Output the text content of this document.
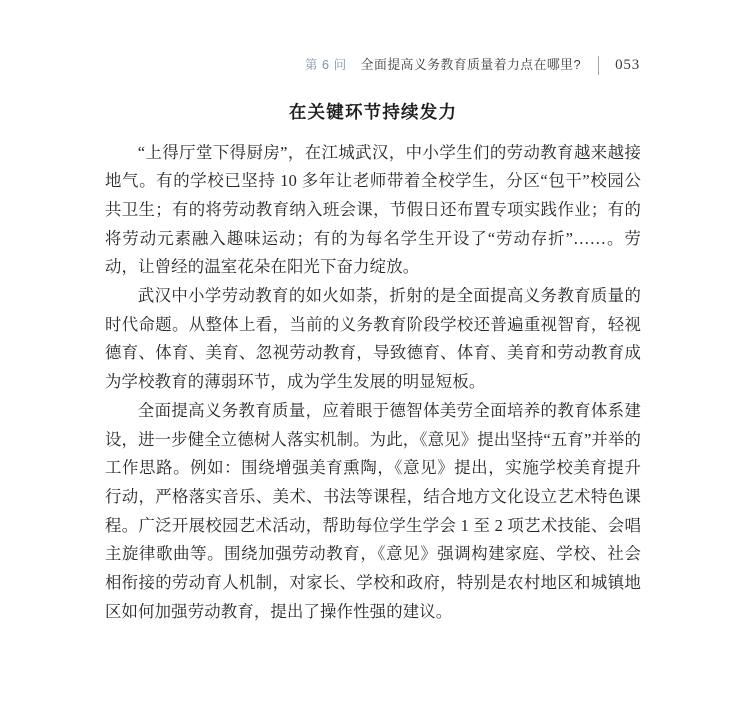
第 6 问 全面提高义务教育质量着力点在哪里? 053
在关键环节持续发力

“上得厅堂下得厨房”，在江城武汉，中小学生们的劳动教育越来越接地气。有的学校已坚持 10 多年让老师带着全校学生，分区“包干”校园公共卫生；有的将劳动教育纳入班会课，节假日还布置专项实践作业；有的将劳动元素融入趣味运动；有的为每名学生开设了“劳动存折”……。劳动，让曾经的温室花朵在阳光下奋力绽放。

武汉中小学劳动教育的如火如荼，折射的是全面提高义务教育质量的时代命题。从整体上看，当前的义务教育阶段学校还普遍重视智育，轻视德育、体育、美育、忽视劳动教育，导致德育、体育、美育和劳动教育成为学校教育的薄弱环节，成为学生发展的明显短板。

全面提高义务教育质量，应着眼于德智体美劳全面培养的教育体系建设，进一步健全立德树人落实机制。为此，《意见》提出坚持“五育”并举的工作思路。例如：围绕增强美育熏陶，《意见》提出，实施学校美育提升行动，严格落实音乐、美术、书法等课程，结合地方文化设立艺术特色课程。广泛开展校园艺术活动，帮助每位学生学会 1 至 2 项艺术技能、会唱主旋律歌曲等。围绕加强劳动教育，《意见》强调构建家庭、学校、社会相衔接的劳动育人机制，对家长、学校和政府，特别是农村地区和城镇地区如何加强劳动教育，提出了操作性强的建议。
